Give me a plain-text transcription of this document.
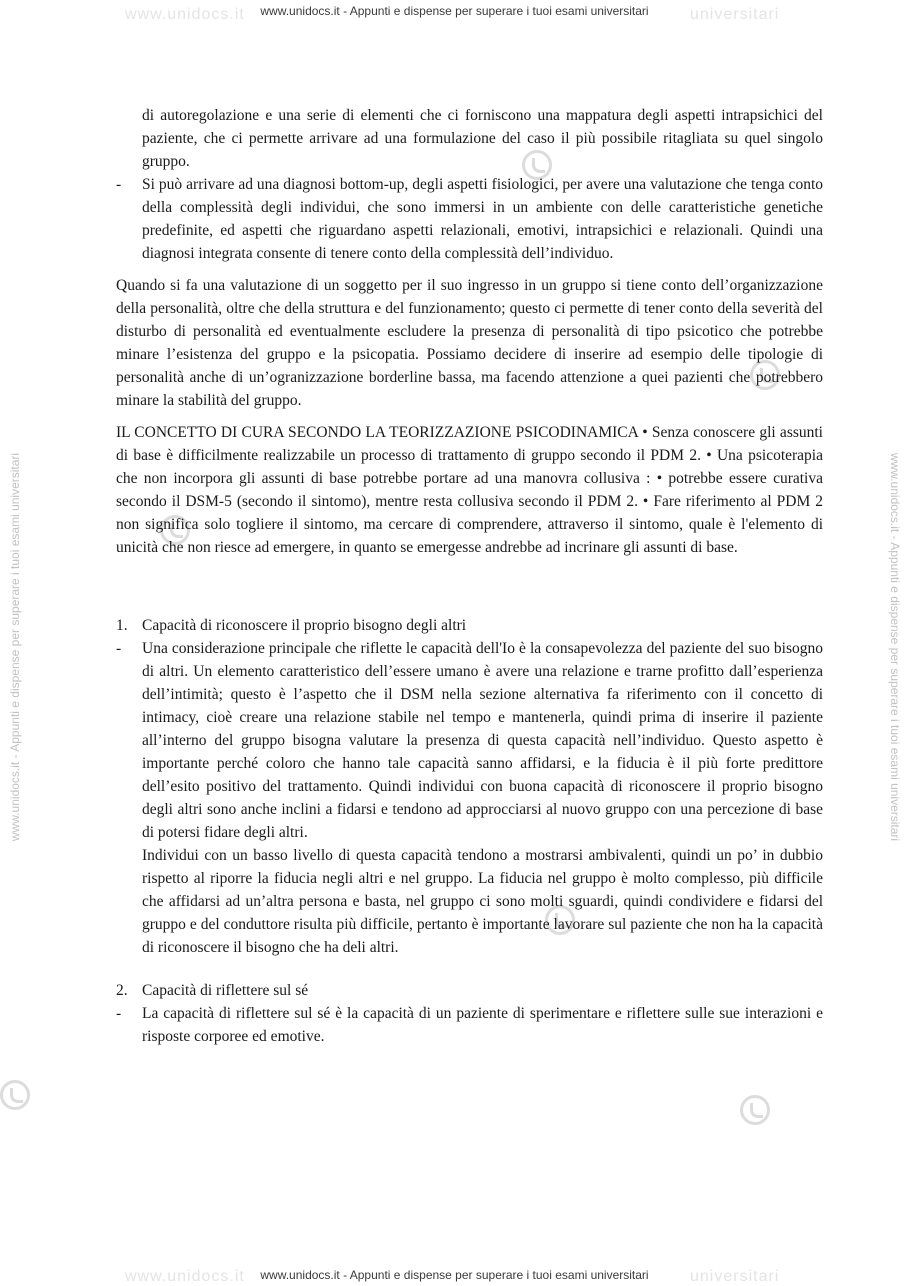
www.unidocs.it - Appunti e dispense per superare i tuoi esami universitari
www.unidocs.it	universitari
www.unidocs.it	universitari
www.unidocs.it - Appunti e dispense per superare i tuoi esami universitari	www.unidocs.it - Appunti e dispense per superare i tuoi esami universitari
di autoregolazione e una serie di elementi che ci forniscono una mappatura degli aspetti intrapsichici del paziente, che ci permette arrivare ad una formulazione del caso il più possibile ritagliata su quel singolo gruppo.
- Si può arrivare ad una diagnosi bottom-up, degli aspetti fisiologici, per avere una valutazione che tenga conto della complessità degli individui, che sono immersi in un ambiente con delle caratteristiche genetiche predefinite, ed aspetti che riguardano aspetti relazionali, emotivi, intrapsichici e relazionali. Quindi una diagnosi integrata consente di tenere conto della complessità dell’individuo.

Quando si fa una valutazione di un soggetto per il suo ingresso in un gruppo si tiene conto dell’organizzazione della personalità, oltre che della struttura e del funzionamento; questo ci permette di tener conto della severità del disturbo di personalità ed eventualmente escludere la presenza di personalità di tipo psicotico che potrebbe minare l’esistenza del gruppo e la psicopatia. Possiamo decidere di inserire ad esempio delle tipologie di personalità anche di un’ogranizzazione borderline bassa, ma facendo attenzione a quei pazienti che potrebbero minare la stabilità del gruppo.

IL CONCETTO DI CURA SECONDO LA TEORIZZAZIONE PSICODINAMICA • Senza conoscere gli assunti di base è difficilmente realizzabile un processo di trattamento di gruppo secondo il PDM 2. • Una psicoterapia che non incorpora gli assunti di base potrebbe portare ad una manovra collusiva : • potrebbe essere curativa secondo il DSM-5 (secondo il sintomo), mentre resta collusiva secondo il PDM 2. • Fare riferimento al PDM 2 non significa solo togliere il sintomo, ma cercare di comprendere, attraverso il sintomo, quale è l'elemento di unicità che non riesce ad emergere, in quanto se emergesse andrebbe ad incrinare gli assunti di base.

1. Capacità di riconoscere il proprio bisogno degli altri
- Una considerazione principale che riflette le capacità dell'Io è la consapevolezza del paziente del suo bisogno di altri. Un elemento caratteristico dell’essere umano è avere una relazione e trarne profitto dall’esperienza dell’intimità; questo è l’aspetto che il DSM nella sezione alternativa fa riferimento con il concetto di intimacy, cioè creare una relazione stabile nel tempo e mantenerla, quindi prima di inserire il paziente all’interno del gruppo bisogna valutare la presenza di questa capacità nell’individuo. Questo aspetto è importante perché coloro che hanno tale capacità sanno affidarsi, e la fiducia è il più forte predittore dell’esito positivo del trattamento. Quindi individui con buona capacità di riconoscere il proprio bisogno degli altri sono anche inclini a fidarsi e tendono ad approcciarsi al nuovo gruppo con una percezione di base di potersi fidare degli altri.
Individui con un basso livello di questa capacità tendono a mostrarsi ambivalenti, quindi un po’ in dubbio rispetto al riporre la fiducia negli altri e nel gruppo. La fiducia nel gruppo è molto complesso, più difficile che affidarsi ad un’altra persona e basta, nel gruppo ci sono molti sguardi, quindi condividere e fidarsi del gruppo e del conduttore risulta più difficile, pertanto è importante lavorare sul paziente che non ha la capacità di riconoscere il bisogno che ha deli altri.
2. Capacità di riflettere sul sé
- La capacità di riflettere sul sé è la capacità di un paziente di sperimentare e riflettere sulle sue interazioni e risposte corporee ed emotive.
www.unidocs.it - Appunti e dispense per superare i tuoi esami universitari
